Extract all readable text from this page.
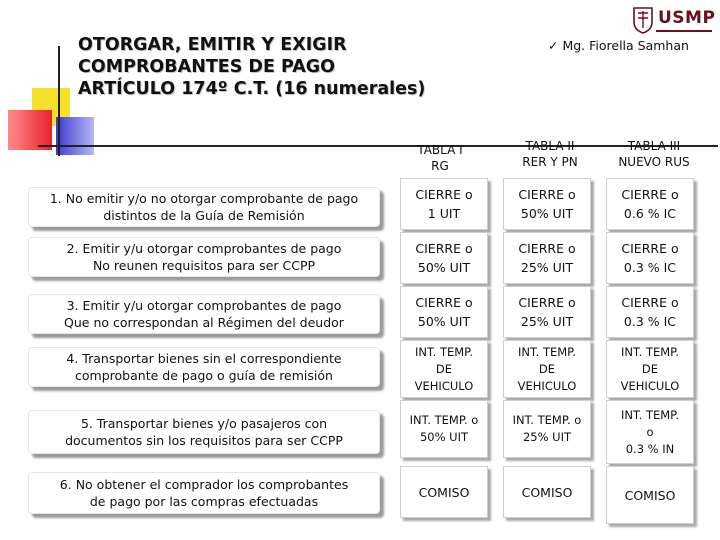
OTORGAR, EMITIR Y EXIGIR
COMPROBANTES DE PAGO
ARTÍCULO 174º C.T. (16 numerales)
✓ Mg. Fiorella Samhan
USMP
TABLA I
RG
TABLA II
RER Y PN
TABLA III
NUEVO RUS
1. No emitir y/o no otorgar comprobante de pago
distintos de la Guía de Remisión
2. Emitir y/u otorgar comprobantes de pago
No reunen requisitos para ser CCPP
3. Emitir y/u otorgar comprobantes de pago
Que no correspondan al Régimen del deudor
4. Transportar bienes sin el correspondiente
comprobante de pago o guía de remisión
5. Transportar bienes y/o pasajeros con
documentos sin los requisitos para ser CCPP
6. No obtener el comprador los comprobantes
de pago por las compras efectuadas
CIERRE o
1 UIT
CIERRE o
50% UIT
CIERRE o
0.6 % IC
CIERRE o
50% UIT
CIERRE o
25% UIT
CIERRE o
0.3 % IC
CIERRE o
50% UIT
CIERRE o
25% UIT
CIERRE o
0.3 % IC
INT. TEMP.
DE
VEHICULO
INT. TEMP.
DE
VEHICULO
INT. TEMP.
DE
VEHICULO
INT. TEMP. o
50% UIT
INT. TEMP. o
25% UIT
INT. TEMP.
o
0.3 % IN
COMISO	COMISO	COMISO
